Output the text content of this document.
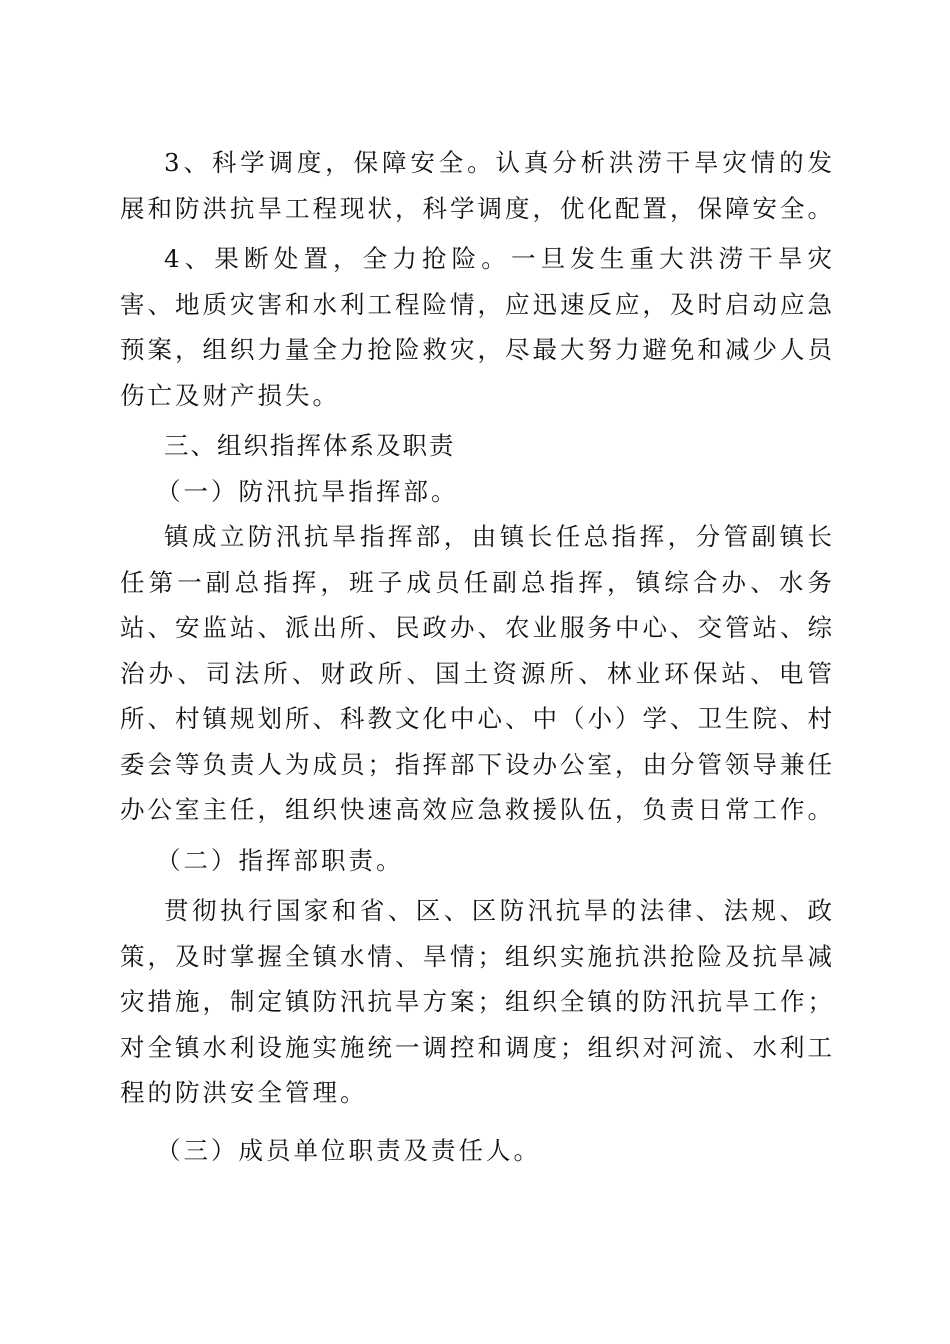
3、科学调度，保障安全。认真分析洪涝干旱灾情的发展和防洪抗旱工程现状，科学调度，优化配置，保障安全。

4、果断处置，全力抢险。一旦发生重大洪涝干旱灾害、地质灾害和水利工程险情，应迅速反应，及时启动应急预案，组织力量全力抢险救灾，尽最大努力避免和减少人员伤亡及财产损失。

三、组织指挥体系及职责

（一）防汛抗旱指挥部。

镇成立防汛抗旱指挥部，由镇长任总指挥，分管副镇长任第一副总指挥，班子成员任副总指挥，镇综合办、水务站、安监站、派出所、民政办、农业服务中心、交管站、综治办、司法所、财政所、国土资源所、林业环保站、电管所、村镇规划所、科教文化中心、中（小）学、卫生院、村委会等负责人为成员；指挥部下设办公室，由分管领导兼任办公室主任，组织快速高效应急救援队伍，负责日常工作。

（二）指挥部职责。

贯彻执行国家和省、区、区防汛抗旱的法律、法规、政策，及时掌握全镇水情、旱情；组织实施抗洪抢险及抗旱减灾措施，制定镇防汛抗旱方案；组织全镇的防汛抗旱工作；对全镇水利设施实施统一调控和调度；组织对河流、水利工程的防洪安全管理。

（三）成员单位职责及责任人。
